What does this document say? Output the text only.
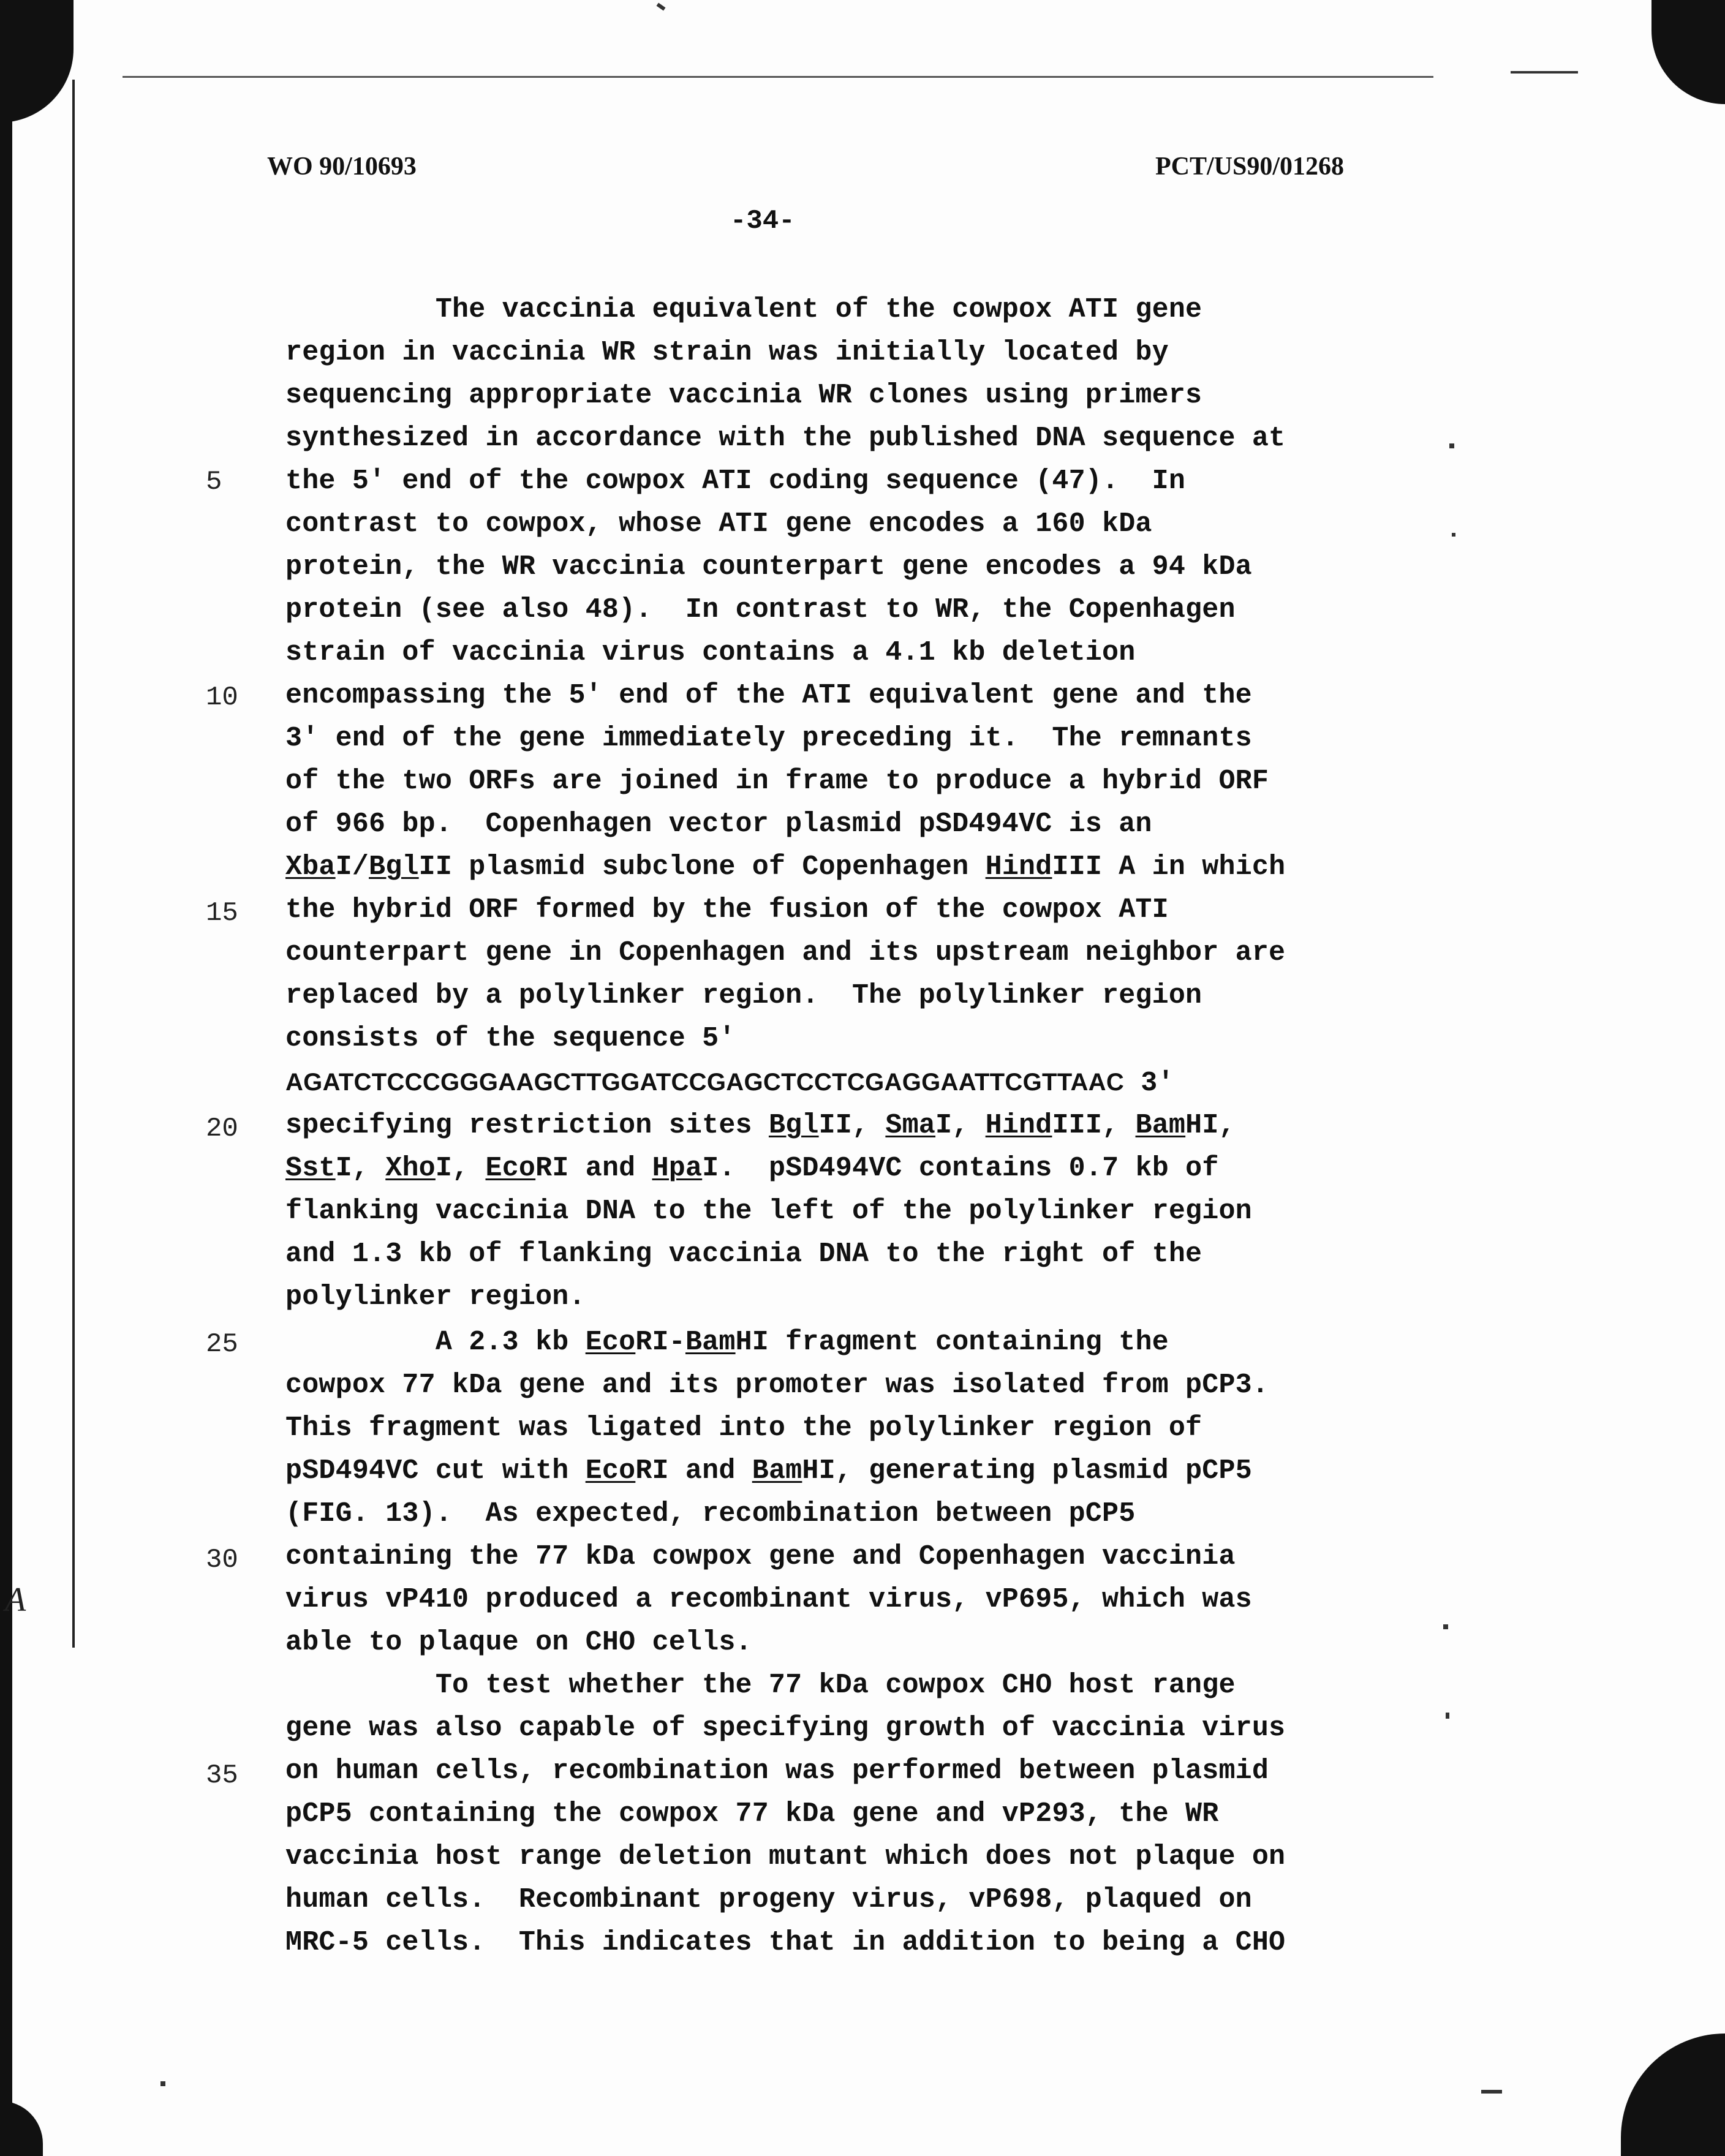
A
WO 90/10693	PCT/US90/01268
-34-
5
10
15
20
25
30
35
The vaccinia equivalent of the cowpox ATI gene
region in vaccinia WR strain was initially located by
sequencing appropriate vaccinia WR clones using primers
synthesized in accordance with the published DNA sequence at
the 5' end of the cowpox ATI coding sequence (47).  In
contrast to cowpox, whose ATI gene encodes a 160 kDa
protein, the WR vaccinia counterpart gene encodes a 94 kDa
protein (see also 48).  In contrast to WR, the Copenhagen
strain of vaccinia virus contains a 4.1 kb deletion
encompassing the 5' end of the ATI equivalent gene and the
3' end of the gene immediately preceding it.  The remnants
of the two ORFs are joined in frame to produce a hybrid ORF
of 966 bp.  Copenhagen vector plasmid pSD494VC is an
XbaI/BglII plasmid subclone of Copenhagen HindIII A in which
the hybrid ORF formed by the fusion of the cowpox ATI
counterpart gene in Copenhagen and its upstream neighbor are
replaced by a polylinker region.  The polylinker region
consists of the sequence 5'
AGATCTCCCGGGAAGCTTGGATCCGAGCTCCTCGAGGAATTCGTTAAC 3'
specifying restriction sites BglII, SmaI, HindIII, BamHI,
SstI, XhoI, EcoRI and HpaI.  pSD494VC contains 0.7 kb of
flanking vaccinia DNA to the left of the polylinker region
and 1.3 kb of flanking vaccinia DNA to the right of the
polylinker region.
A 2.3 kb EcoRI-BamHI fragment containing the
cowpox 77 kDa gene and its promoter was isolated from pCP3.
This fragment was ligated into the polylinker region of
pSD494VC cut with EcoRI and BamHI, generating plasmid pCP5
(FIG. 13).  As expected, recombination between pCP5
containing the 77 kDa cowpox gene and Copenhagen vaccinia
virus vP410 produced a recombinant virus, vP695, which was
able to plaque on CHO cells.
To test whether the 77 kDa cowpox CHO host range
gene was also capable of specifying growth of vaccinia virus
on human cells, recombination was performed between plasmid
pCP5 containing the cowpox 77 kDa gene and vP293, the WR
vaccinia host range deletion mutant which does not plaque on
human cells.  Recombinant progeny virus, vP698, plaqued on
MRC-5 cells.  This indicates that in addition to being a CHO
